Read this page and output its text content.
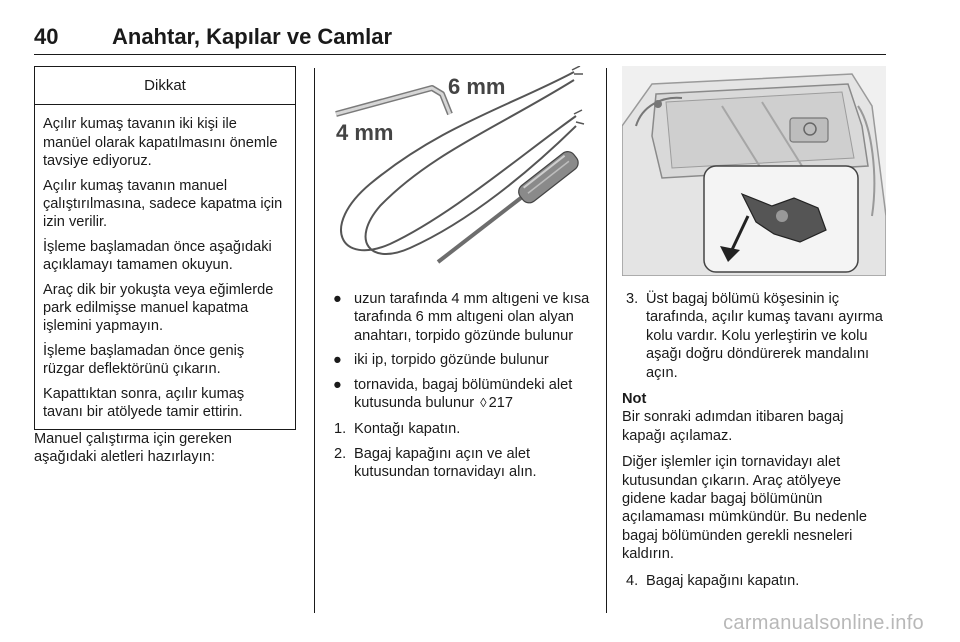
40 Anahtar, Kapılar ve Camlar
Dikkat

Açılır kumaş tavanın iki kişi ile manüel olarak kapatılmasını önemle tavsiye ediyoruz.

Açılır kumaş tavanın manuel çalıştırılmasına, sadece kapatma için izin verilir.

İşleme başlamadan önce aşağıdaki açıklamayı tamamen okuyun.

Araç dik bir yokuşta veya eğimlerde park edilmişse manuel kapatma işlemini yapmayın.

İşleme başlamadan önce geniş rüzgar deflektörünü çıkarın.

Kapattıktan sonra, açılır kumaş tavanı bir atölyede tamir ettirin.

Manuel çalıştırma için gereken aşağıdaki aletleri hazırlayın:

6 mm
4 mm
● uzun tarafında 4 mm altıgeni ve kısa tarafında 6 mm altıgeni olan alyan anahtarı, torpido gözünde bulunur
● iki ip, torpido gözünde bulunur
● tornavida, bagaj bölümündeki alet kutusunda bulunur ◊ 217
1. Kontağı kapatın.
2. Bagaj kapağını açın ve alet kutusundan tornavidayı alın.
3. Üst bagaj bölümü köşesinin iç tarafında, açılır kumaş tavanı ayırma kolu vardır. Kolu yerleştirin ve kolu aşağı doğru döndürerek mandalını açın.
Not

Bir sonraki adımdan itibaren bagaj kapağı açılamaz.

Diğer işlemler için tornavidayı alet kutusundan çıkarın. Araç atölyeye gidene kadar bagaj bölümünün açılamaması mümkündür. Bu nedenle bagaj bölümünden gerekli nesneleri kaldırın.

4. Bagaj kapağını kapatın.
carmanualsonline.info
